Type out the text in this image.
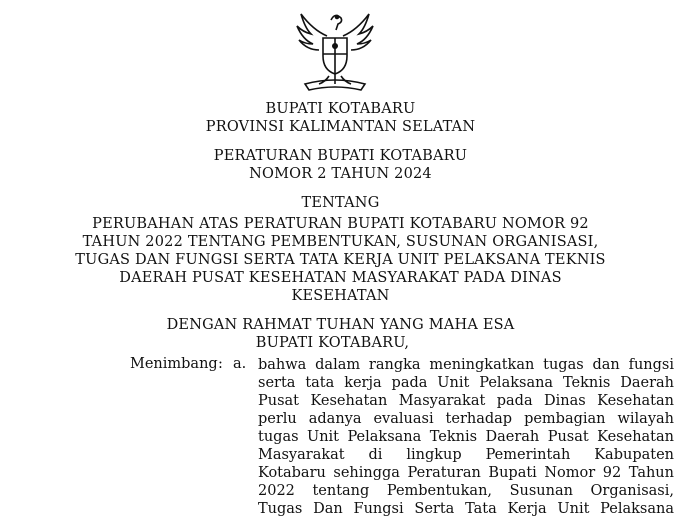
BUPATI KOTABARU
PROVINSI KALIMANTAN SELATAN
PERATURAN BUPATI KOTABARU
NOMOR 2 TAHUN 2024
TENTANG
PERUBAHAN ATAS PERATURAN BUPATI KOTABARU NOMOR 92
TAHUN 2022 TENTANG PEMBENTUKAN, SUSUNAN ORGANISASI,
TUGAS DAN FUNGSI SERTA TATA KERJA UNIT PELAKSANA TEKNIS
DAERAH PUSAT KESEHATAN MASYARAKAT PADA DINAS
KESEHATAN
DENGAN RAHMAT TUHAN YANG MAHA ESA
BUPATI KOTABARU,
Menimbang : a. bahwa dalam rangka meningkatkan tugas dan fungsi
serta tata kerja pada Unit Pelaksana Teknis Daerah
Pusat Kesehatan Masyarakat pada Dinas Kesehatan
perlu adanya evaluasi terhadap pembagian wilayah
tugas Unit Pelaksana Teknis Daerah Pusat Kesehatan
Masyarakat di lingkup Pemerintah Kabupaten
Kotabaru sehingga Peraturan Bupati Nomor 92 Tahun
2022 tentang Pembentukan, Susunan Organisasi,
Tugas Dan Fungsi Serta Tata Kerja Unit Pelaksana
